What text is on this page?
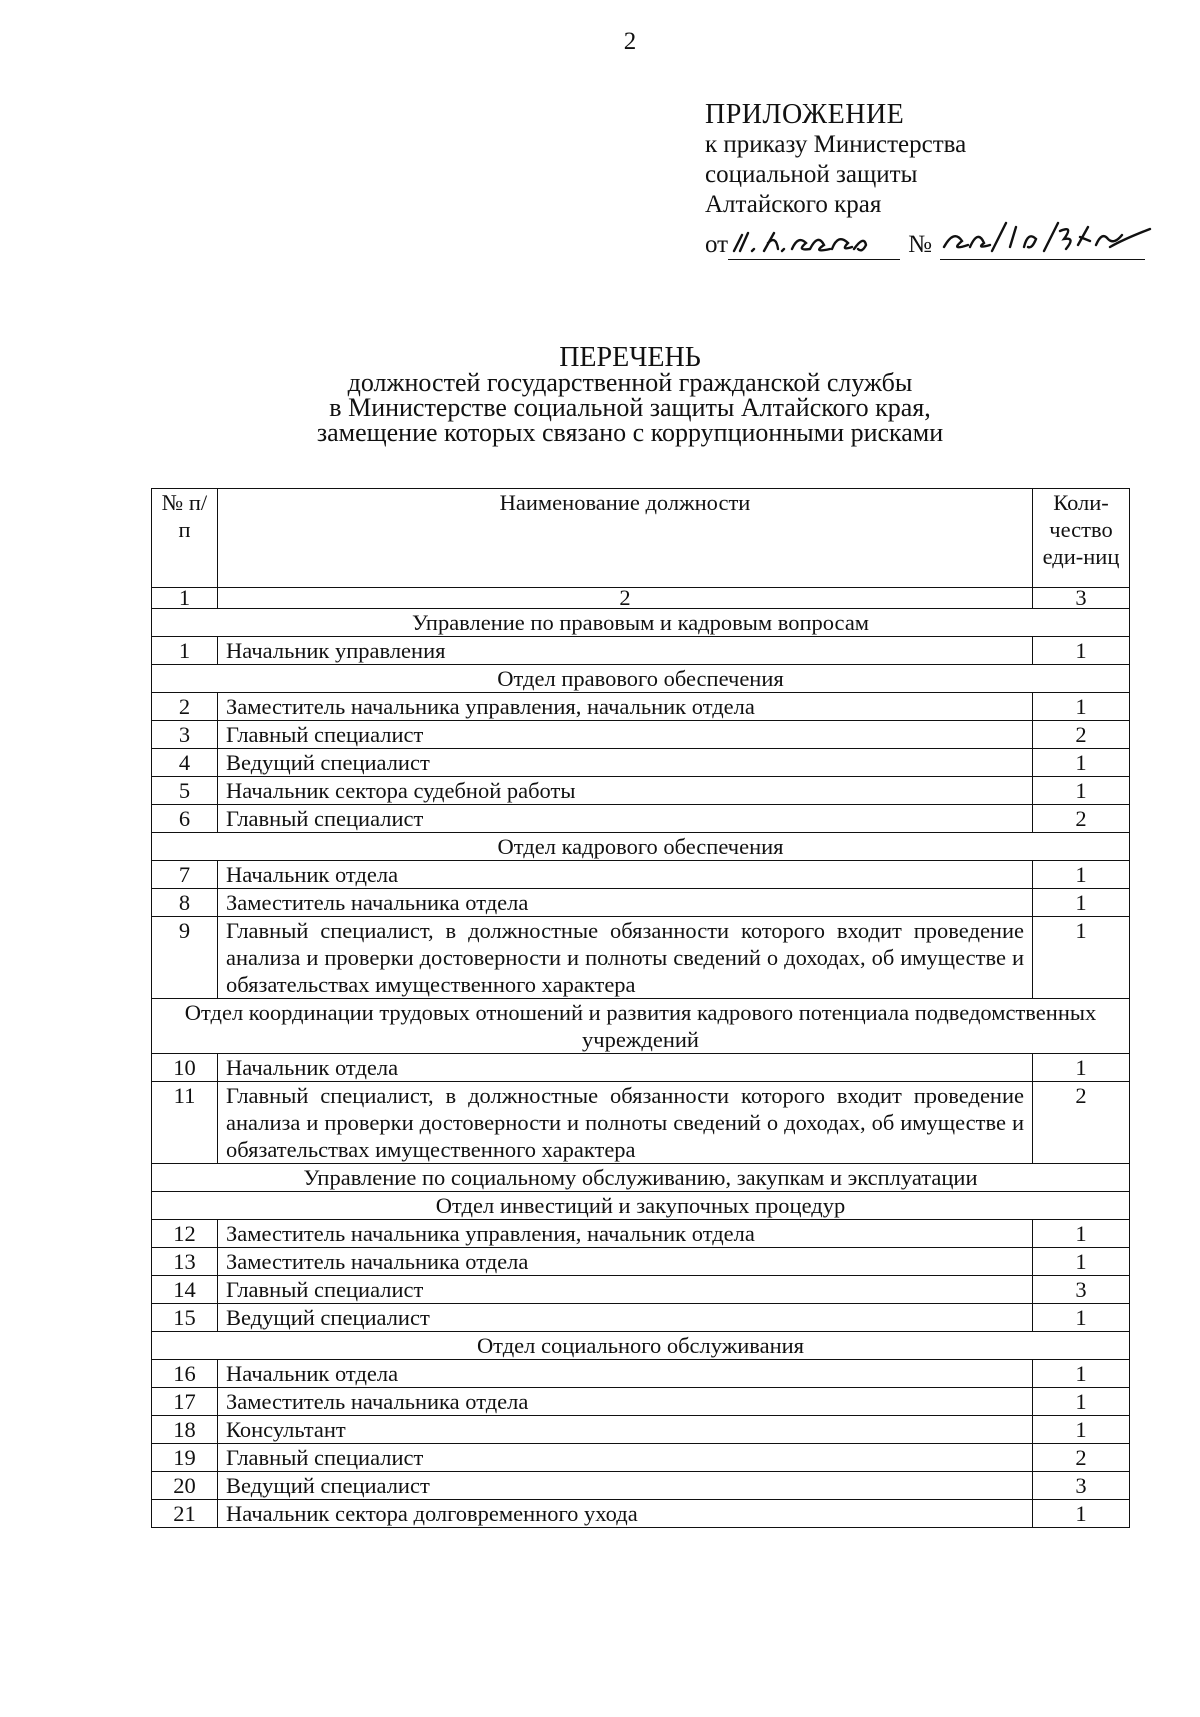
2
ПРИЛОЖЕНИЕ
к приказу Министерства
социальной защиты
Алтайского края
от	№
ПЕРЕЧЕНЬ
должностей государственной гражданской службы
в Министерстве социальной защиты Алтайского края,
замещение которых связано с коррупционными рисками
№ п/п	Наименование должности	Коли-чество еди-ниц
1	2	3
Управление по правовым и кадровым вопросам		
1	Начальник управления	1
Отдел правового обеспечения		
2	Заместитель начальника управления, начальник отдела	1
3	Главный специалист	2
4	Ведущий специалист	1
5	Начальник сектора судебной работы	1
6	Главный специалист	2
Отдел кадрового обеспечения		
7	Начальник отдела	1
8	Заместитель начальника отдела	1
9	Главный специалист, в должностные обязанности которого входит проведение анализа и проверки достоверности и полноты сведений о доходах, об имуществе и обязательствах имущественного характера	1
Отдел координации трудовых отношений и развития кадрового потенциала подведомственных учреждений		
10	Начальник отдела	1
11	Главный специалист, в должностные обязанности которого входит проведение анализа и проверки достоверности и полноты сведений о доходах, об имуществе и обязательствах имущественного характера	2
Управление по социальному обслуживанию, закупкам и эксплуатации		
Отдел инвестиций и закупочных процедур		
12	Заместитель начальника управления, начальник отдела	1
13	Заместитель начальника отдела	1
14	Главный специалист	3
15	Ведущий специалист	1
Отдел социального обслуживания		
16	Начальник отдела	1
17	Заместитель начальника отдела	1
18	Консультант	1
19	Главный специалист	2
20	Ведущий специалист	3
21	Начальник сектора долговременного ухода	1
